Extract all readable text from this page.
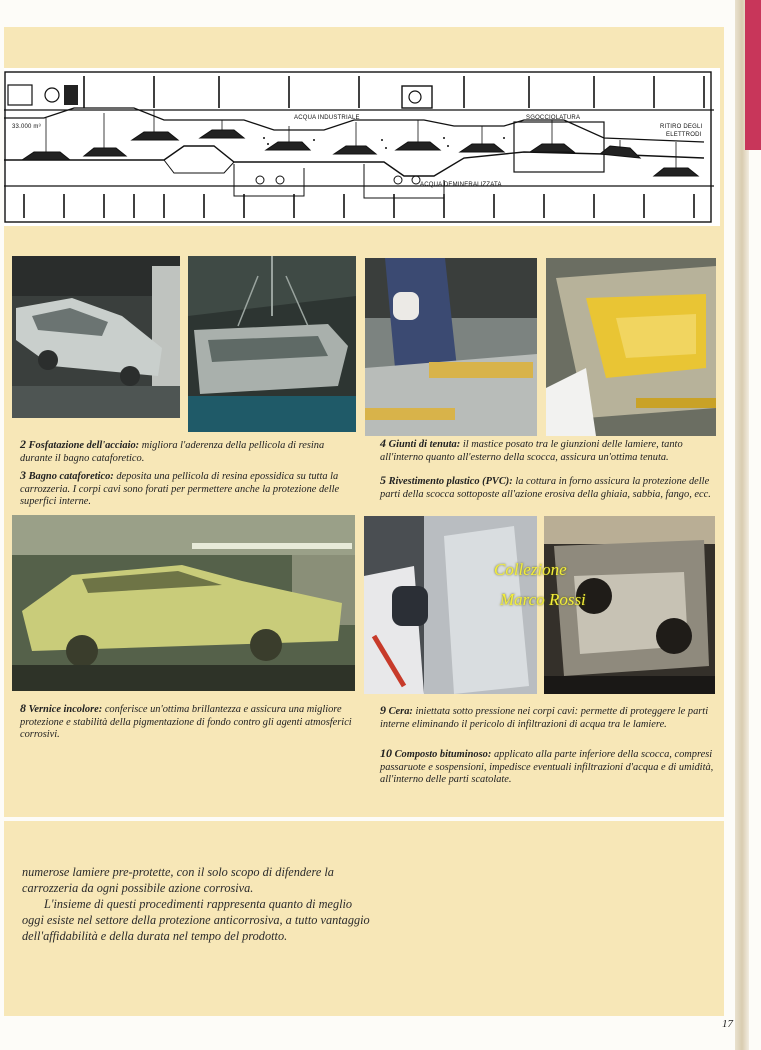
33.000 m³
ACQUA INDUSTRIALE	SGOCCIOLATURA
RITIRO DEGLI
ELETTRODI
ACQUA DEMINERALIZZATA
2 Fosfatazione dell'acciaio: migliora l'aderenza della pellicola di resina durante il bagno cataforetico.
3 Bagno cataforetico: deposita una pellicola di resina epossidica su tutta la carrozzeria. I corpi cavi sono forati per permettere anche la protezione delle superfici interne.
4 Giunti di tenuta: il mastice posato tra le giunzioni delle lamiere, tanto all'interno quanto all'esterno della scocca, assicura un'ottima tenuta.
5 Rivestimento plastico (PVC): la cottura in forno assicura la protezione delle parti della scocca sottoposte all'azione erosiva della ghiaia, sabbia, fango, ecc.
Collezione
Marco Rossi
8 Vernice incolore: conferisce un'ottima brillantezza e assicura una migliore protezione e stabilità della pigmentazione di fondo contro gli agenti atmosferici corrosivi.
9 Cera: iniettata sotto pressione nei corpi cavi: permette di proteggere le parti interne eliminando il pericolo di infiltrazioni di acqua tra le lamiere.
10 Composto bituminoso: applicato alla parte inferiore della scocca, compresi passaruote e sospensioni, impedisce eventuali infiltrazioni d'acqua e di umidità, all'interno delle parti scatolate.

numerose lamiere pre-protette, con il solo scopo di difendere la carrozzeria da ogni possibile azione corrosiva.

L'insieme di questi procedimenti rappresenta quanto di meglio oggi esiste nel settore della protezione anticorrosiva, a tutto vantaggio dell'affidabilità e della durata nel tempo del prodotto.

17
